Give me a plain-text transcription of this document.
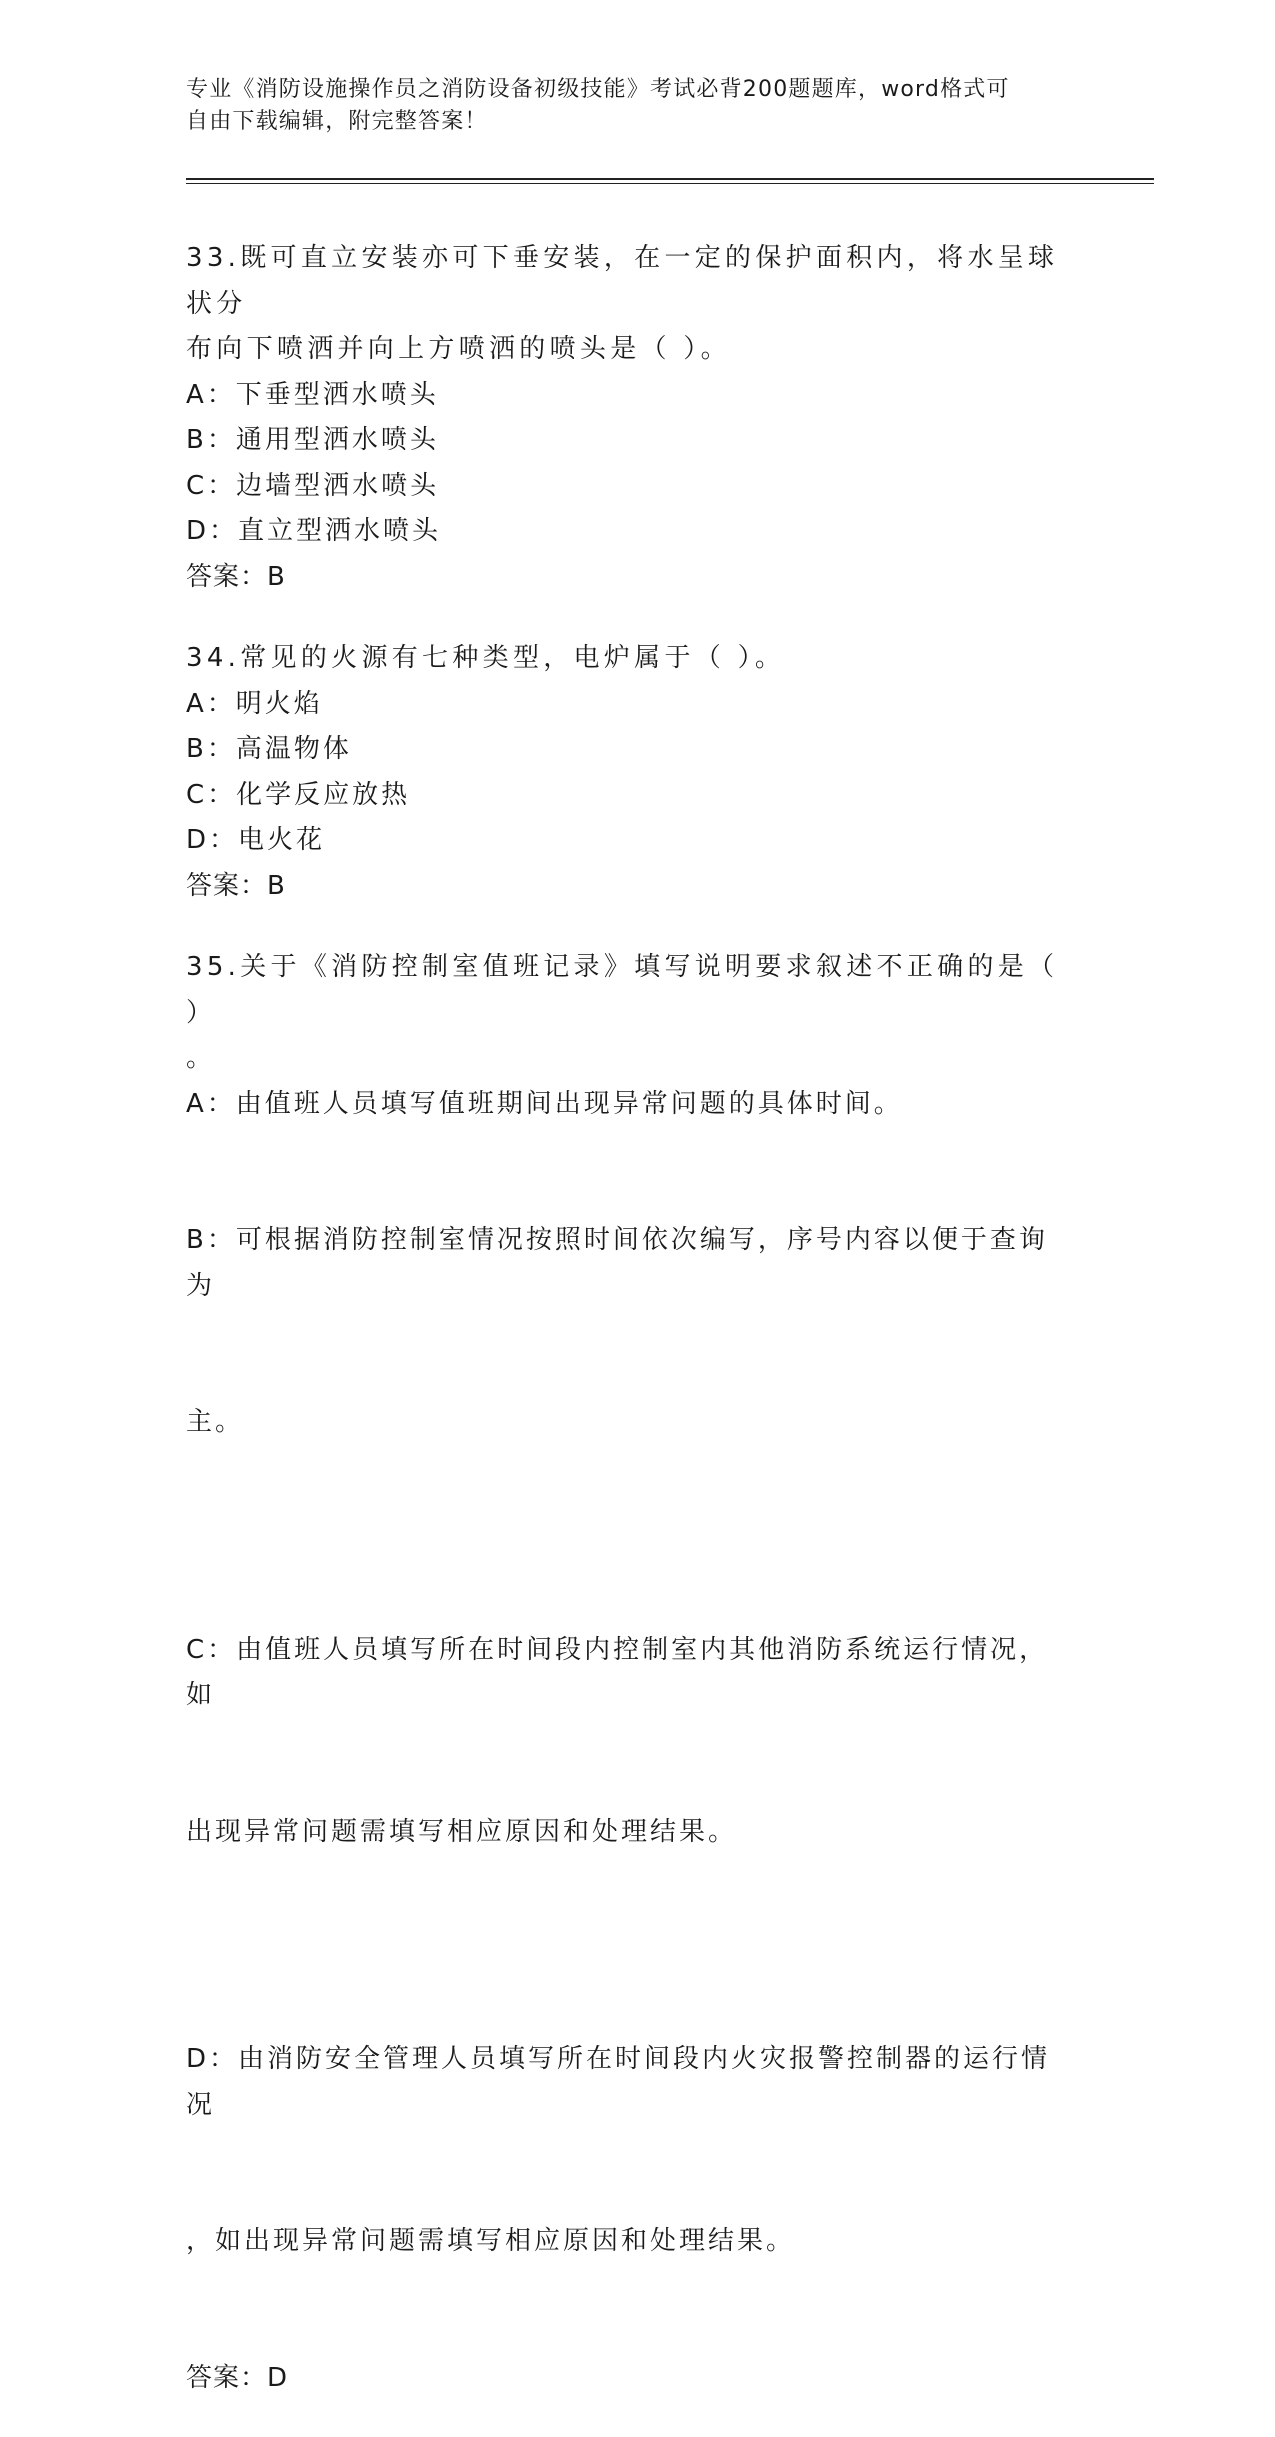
专业《消防设施操作员之消防设备初级技能》考试必背200题题库，word格式可
自由下载编辑，附完整答案！
33.既可直立安装亦可下垂安装，在一定的保护面积内，将水呈球状分
布向下喷洒并向上方喷洒的喷头是（ ）。
A：下垂型洒水喷头
B：通用型洒水喷头
C：边墙型洒水喷头
D：直立型洒水喷头
答案：B
34.常见的火源有七种类型，电炉属于（ ）。
A：明火焰
B：高温物体
C：化学反应放热
D：电火花
答案：B
35.关于《消防控制室值班记录》填写说明要求叙述不正确的是（ ）
。
A：由值班人员填写值班期间出现异常问题的具体时间。

B：可根据消防控制室情况按照时间依次编写，序号内容以便于查询为

主。

C：由值班人员填写所在时间段内控制室内其他消防系统运行情况，如

出现异常问题需填写相应原因和处理结果。

D：由消防安全管理人员填写所在时间段内火灾报警控制器的运行情况

，如出现异常问题需填写相应原因和处理结果。

答案：D
